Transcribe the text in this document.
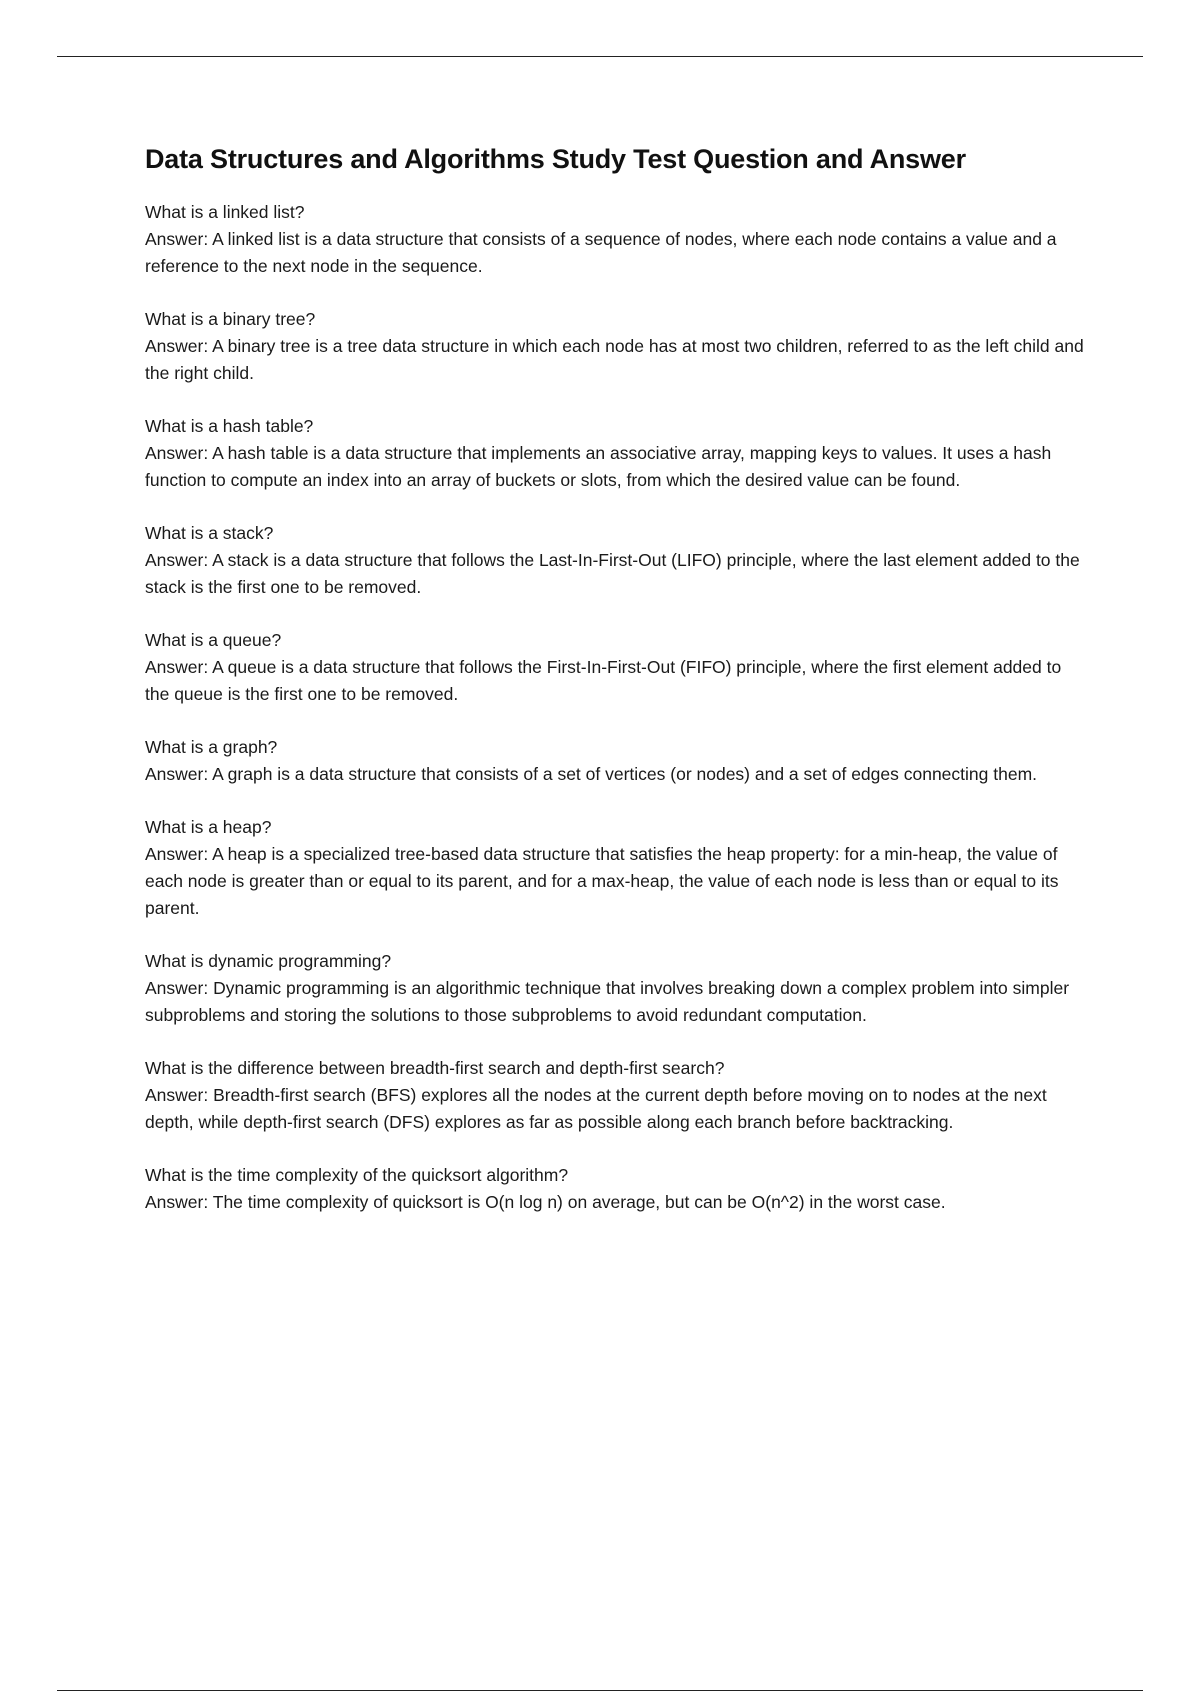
Data Structures and Algorithms Study Test Question and Answer

What is a linked list?

Answer: A linked list is a data structure that consists of a sequence of nodes, where each node contains a value and a reference to the next node in the sequence.

What is a binary tree?

Answer: A binary tree is a tree data structure in which each node has at most two children, referred to as the left child and the right child.

What is a hash table?

Answer: A hash table is a data structure that implements an associative array, mapping keys to values. It uses a hash function to compute an index into an array of buckets or slots, from which the desired value can be found.

What is a stack?

Answer: A stack is a data structure that follows the Last-In-First-Out (LIFO) principle, where the last element added to the stack is the first one to be removed.

What is a queue?

Answer: A queue is a data structure that follows the First-In-First-Out (FIFO) principle, where the first element added to the queue is the first one to be removed.

What is a graph?

Answer: A graph is a data structure that consists of a set of vertices (or nodes) and a set of edges connecting them.

What is a heap?

Answer: A heap is a specialized tree-based data structure that satisfies the heap property: for a min-heap, the value of each node is greater than or equal to its parent, and for a max-heap, the value of each node is less than or equal to its parent.

What is dynamic programming?

Answer: Dynamic programming is an algorithmic technique that involves breaking down a complex problem into simpler subproblems and storing the solutions to those subproblems to avoid redundant computation.

What is the difference between breadth-first search and depth-first search?

Answer: Breadth-first search (BFS) explores all the nodes at the current depth before moving on to nodes at the next depth, while depth-first search (DFS) explores as far as possible along each branch before backtracking.

What is the time complexity of the quicksort algorithm?

Answer: The time complexity of quicksort is O(n log n) on average, but can be O(n^2) in the worst case.
